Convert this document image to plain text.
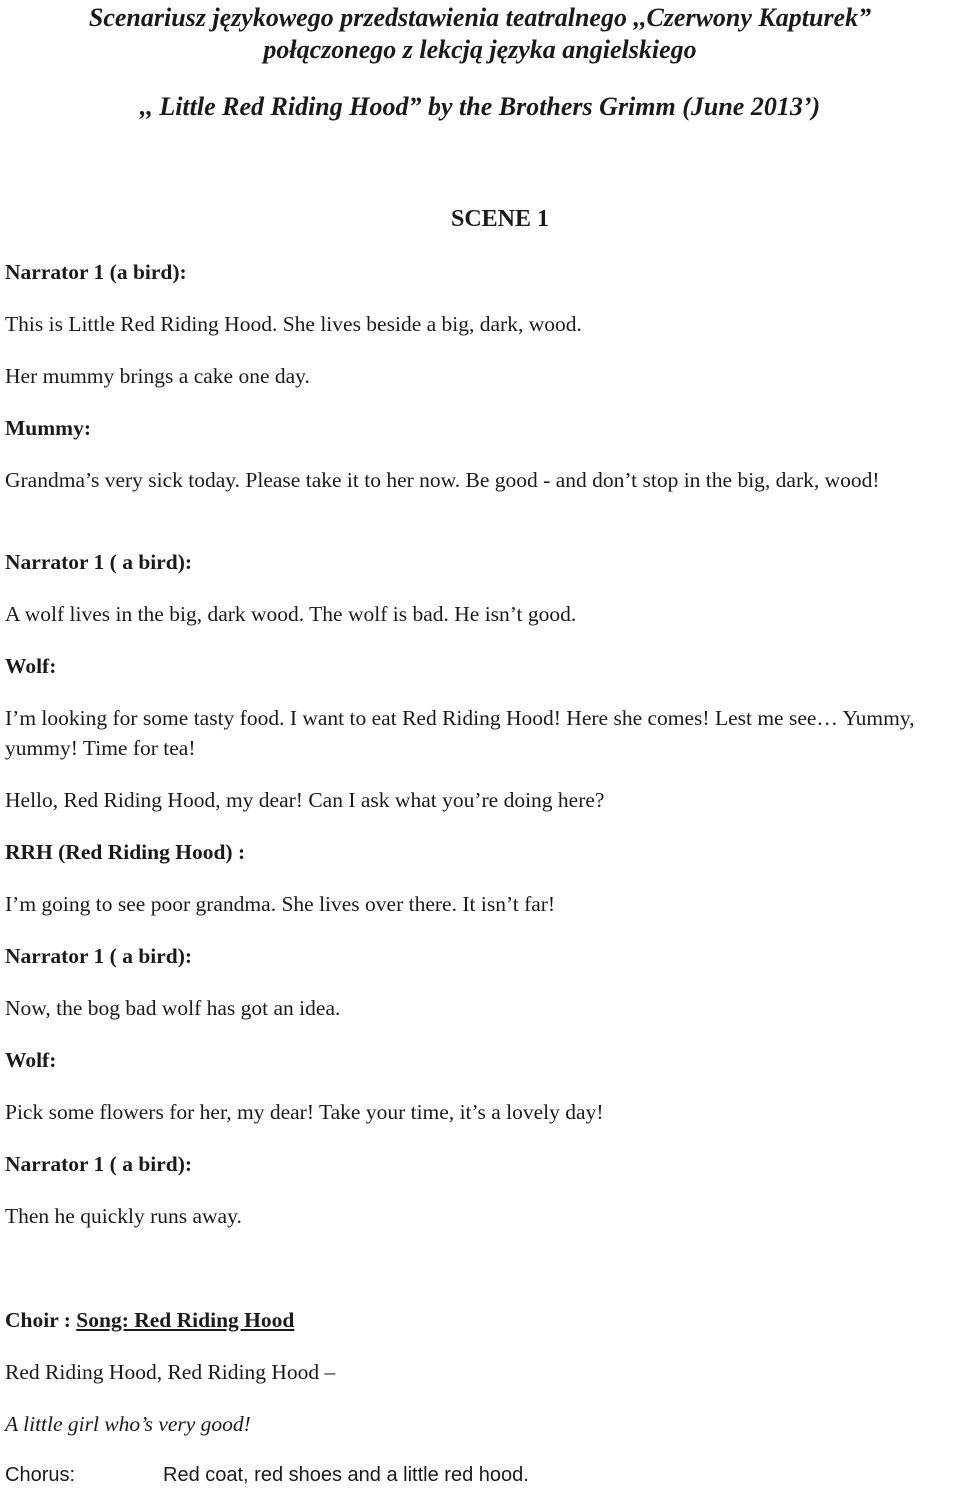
Scenariusz językowego przedstawienia teatralnego ,,Czerwony Kapturek”
połączonego z lekcją języka angielskiego
,, Little Red Riding Hood” by the Brothers Grimm (June 2013’)
SCENE 1
Narrator 1 (a bird):
This is Little Red Riding Hood. She lives beside a big, dark, wood.
Her mummy brings a cake one day.
Mummy:
Grandma’s very sick today. Please take it to her now. Be good - and don’t stop in the big, dark, wood!
Narrator 1 ( a bird):
A wolf lives in the big, dark wood. The wolf is bad. He isn’t good.
Wolf:
I’m looking for some tasty food. I want to eat Red Riding Hood! Here she comes! Lest me see… Yummy, yummy! Time for tea!
Hello, Red Riding Hood, my dear! Can I ask what you’re doing here?
RRH (Red Riding Hood) :
I’m going to see poor grandma. She lives over there. It isn’t far!
Narrator 1 ( a bird):
Now, the bog bad wolf has got an idea.
Wolf:
Pick some flowers for her, my dear! Take your time, it’s a lovely day!
Narrator 1 ( a bird):
Then he quickly runs away.
Choir : Song: Red Riding Hood
Red Riding Hood, Red Riding Hood –
A little girl who’s very good!
Chorus:	Red coat, red shoes and a little red hood.
